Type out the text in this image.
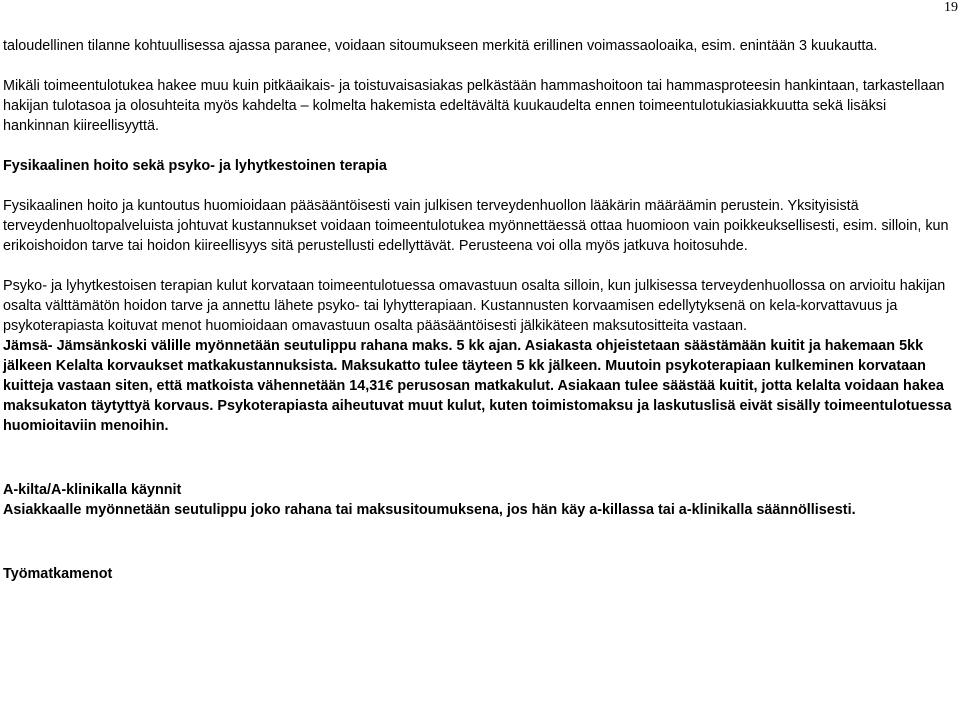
19

taloudellinen tilanne kohtuullisessa ajassa paranee, voidaan sitoumukseen merkitä erillinen voimassaoloaika, esim. enintään 3 kuukautta.

Mikäli toimeentulotukea hakee muu kuin pitkäaikais- ja toistuvaisasiakas pelkästään hammashoitoon tai hammasproteesin hankintaan, tarkastellaan hakijan tulotasoa ja olosuhteita myös kahdelta – kolmelta hakemista edeltävältä kuukaudelta ennen toimeentulotukiasiakkuutta sekä lisäksi hankinnan kiireellisyyttä.

Fysikaalinen hoito sekä psyko- ja lyhytkestoinen terapia

Fysikaalinen hoito ja kuntoutus huomioidaan pääsääntöisesti vain julkisen terveydenhuollon lääkärin määräämin perustein. Yksityisistä terveydenhuoltopalveluista johtuvat kustannukset voidaan toimeentulotukea myönnettäessä ottaa huomioon vain poikkeuksellisesti, esim. silloin, kun erikoishoidon tarve tai hoidon kiireellisyys sitä perustellusti edellyttävät. Perusteena voi olla myös jatkuva hoitosuhde.

Psyko- ja lyhytkestoisen terapian kulut korvataan toimeentulotuessa omavastuun osalta silloin, kun julkisessa terveydenhuollossa on arvioitu hakijan osalta välttämätön hoidon tarve ja annettu lähete psyko- tai lyhytterapiaan. Kustannusten korvaamisen edellytyksenä on kela-korvattavuus ja psykoterapiasta koituvat menot huomioidaan omavastuun osalta pääsääntöisesti jälkikäteen maksutositteita vastaan.

Jämsä- Jämsänkoski välille myönnetään seutulippu rahana maks. 5 kk ajan. Asiakasta ohjeistetaan säästämään kuitit ja hakemaan 5kk jälkeen Kelalta korvaukset matkakustannuksista. Maksukatto tulee täyteen 5 kk jälkeen. Muutoin psykoterapiaan kulkeminen korvataan kuitteja vastaan siten, että matkoista vähennetään 14,31€ perusosan matkakulut. Asiakaan tulee säästää kuitit, jotta kelalta voidaan hakea maksukaton täytyttyä korvaus. Psykoterapiasta aiheutuvat muut kulut, kuten toimistomaksu ja laskutuslisä eivät sisälly toimeentulotuessa huomioitaviin menoihin.

A-kilta/A-klinikalla käynnit

Asiakkaalle myönnetään seutulippu joko rahana tai maksusitoumuksena, jos hän käy a-killassa tai a-klinikalla säännöllisesti.

Työmatkamenot
